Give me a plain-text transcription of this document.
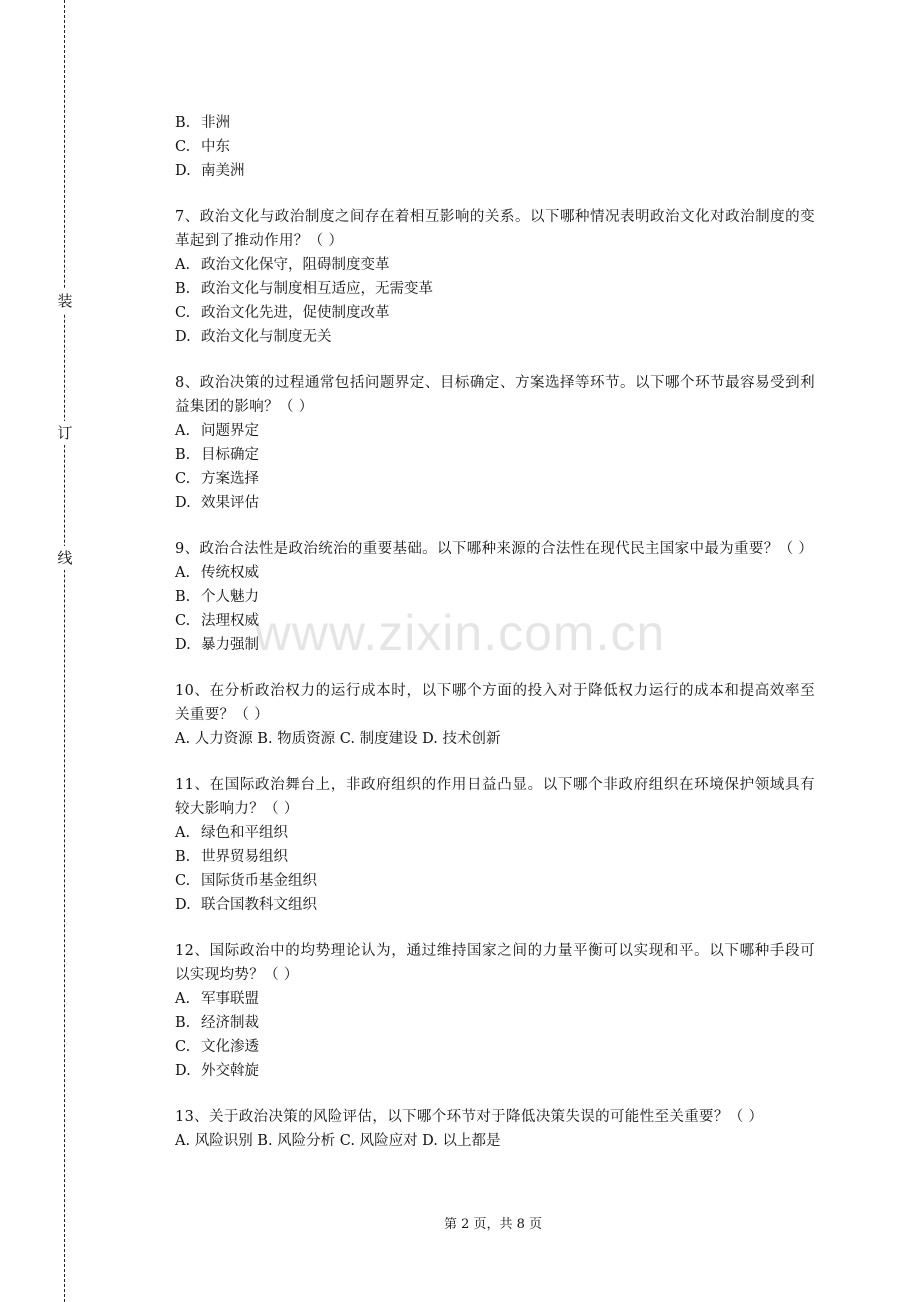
装
订
线
B. 非洲
C. 中东
D. 南美洲
7、政治文化与政治制度之间存在着相互影响的关系。以下哪种情况表明政治文化对政治制度的变革起到了推动作用？（ ）
A. 政治文化保守，阻碍制度变革
B. 政治文化与制度相互适应，无需变革
C. 政治文化先进，促使制度改革
D. 政治文化与制度无关
8、政治决策的过程通常包括问题界定、目标确定、方案选择等环节。以下哪个环节最容易受到利益集团的影响？（ ）
A. 问题界定
B. 目标确定
C. 方案选择
D. 效果评估
9、政治合法性是政治统治的重要基础。以下哪种来源的合法性在现代民主国家中最为重要？（ ）
A. 传统权威
B. 个人魅力
C. 法理权威
D. 暴力强制
10、在分析政治权力的运行成本时，以下哪个方面的投入对于降低权力运行的成本和提高效率至关重要？（ ）
A. 人力资源 B. 物质资源 C. 制度建设 D. 技术创新
11、在国际政治舞台上，非政府组织的作用日益凸显。以下哪个非政府组织在环境保护领域具有较大影响力？（ ）
A. 绿色和平组织
B. 世界贸易组织
C. 国际货币基金组织
D. 联合国教科文组织
12、国际政治中的均势理论认为，通过维持国家之间的力量平衡可以实现和平。以下哪种手段可以实现均势？（ ）
A. 军事联盟
B. 经济制裁
C. 文化渗透
D. 外交斡旋
13、关于政治决策的风险评估，以下哪个环节对于降低决策失误的可能性至关重要？（ ）
A. 风险识别 B. 风险分析 C. 风险应对 D. 以上都是
www.zixin.com.cn
第 2 页，共 8 页
